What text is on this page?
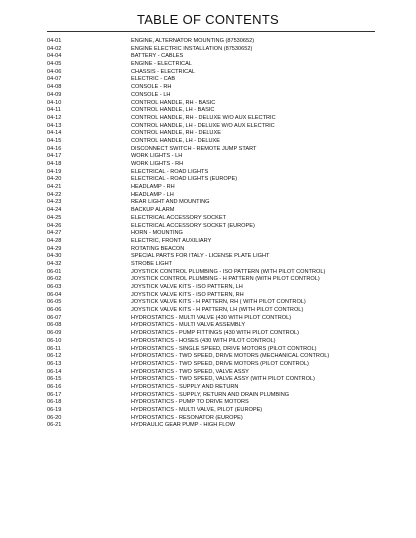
TABLE OF CONTENTS
04-01	ENGINE, ALTERNATOR MOUNTING (87530652)
04-02	ENGINE ELECTRIC INSTALLATION (87530652)
04-04	BATTERY - CABLES
04-05	ENGINE - ELECTRICAL
04-06	CHASSIS - ELECTRICAL
04-07	ELECTRIC - CAB
04-08	CONSOLE - RH
04-09	CONSOLE - LH
04-10	CONTROL HANDLE, RH - BASIC
04-11	CONTROL HANDLE, LH - BASIC
04-12	CONTROL HANDLE, RH - DELUXE W/O AUX ELECTRIC
04-13	CONTROL HANDLE, LH - DELUXE W/O AUX ELECTRIC
04-14	CONTROL HANDLE, RH - DELUXE
04-15	CONTROL HANDLE, LH - DELUXE
04-16	DISCONNECT SWITCH - REMOTE JUMP START
04-17	WORK LIGHTS - LH
04-18	WORK LIGHTS - RH
04-19	ELECTRICAL - ROAD LIGHTS
04-20	ELECTRICAL - ROAD LIGHTS (EUROPE)
04-21	HEADLAMP - RH
04-22	HEADLAMP - LH
04-23	REAR LIGHT AND MOUNTING
04-24	BACKUP ALARM
04-25	ELECTRICAL ACCESSORY SOCKET
04-26	ELECTRICAL ACCESSORY SOCKET (EUROPE)
04-27	HORN - MOUNTING
04-28	ELECTRIC, FRONT AUXILIARY
04-29	ROTATING BEACON
04-30	SPECIAL PARTS FOR ITALY - LICENSE PLATE LIGHT
04-32	STROBE LIGHT
06-01	JOYSTICK CONTROL PLUMBING - ISO PATTERN (WITH PILOT CONTROL)
06-02	JOYSTICK CONTROL PLUMBING - H PATTERN (WITH PILOT CONTROL)
06-03	JOYSTICK VALVE KITS - ISO PATTERN, LH
06-04	JOYSTICK VALVE KITS - ISO PATTERN, RH
06-05	JOYSTICK VALVE KITS - H PATTERN, RH ( WITH PILOT CONTROL)
06-06	JOYSTICK VALVE KITS - H PATTERN, LH (WITH PILOT CONTROL)
06-07	HYDROSTATICS - MULTI VALVE (430 WITH PILOT CONTROL)
06-08	HYDROSTATICS - MULTI VALVE ASSEMBLY
06-09	HYDROSTATICS - PUMP FITTINGS (430 WITH PILOT CONTROL)
06-10	HYDROSTATICS - HOSES (430 WITH PILOT CONTROL)
06-11	HYDROSTATICS - SINGLE SPEED, DRIVE MOTORS (PILOT CONTROL)
06-12	HYDROSTATICS - TWO SPEED, DRIVE MOTORS (MECHANICAL CONTROL)
06-13	HYDROSTATICS - TWO SPEED, DRIVE MOTORS (PILOT CONTROL)
06-14	HYDROSTATICS - TWO SPEED, VALVE ASSY
06-15	HYDROSTATICS - TWO SPEED, VALVE ASSY (WITH PILOT CONTROL)
06-16	HYDROSTATICS - SUPPLY AND RETURN
06-17	HYDROSTATICS - SUPPLY, RETURN AND DRAIN PLUMBING
06-18	HYDROSTATICS - PUMP TO DRIVE MOTORS
06-19	HYDROSTATICS - MULTI VALVE, PILOT (EUROPE)
06-20	HYDROSTATICS - RESONATOR (EUROPE)
06-21	HYDRAULIC GEAR PUMP - HIGH FLOW
